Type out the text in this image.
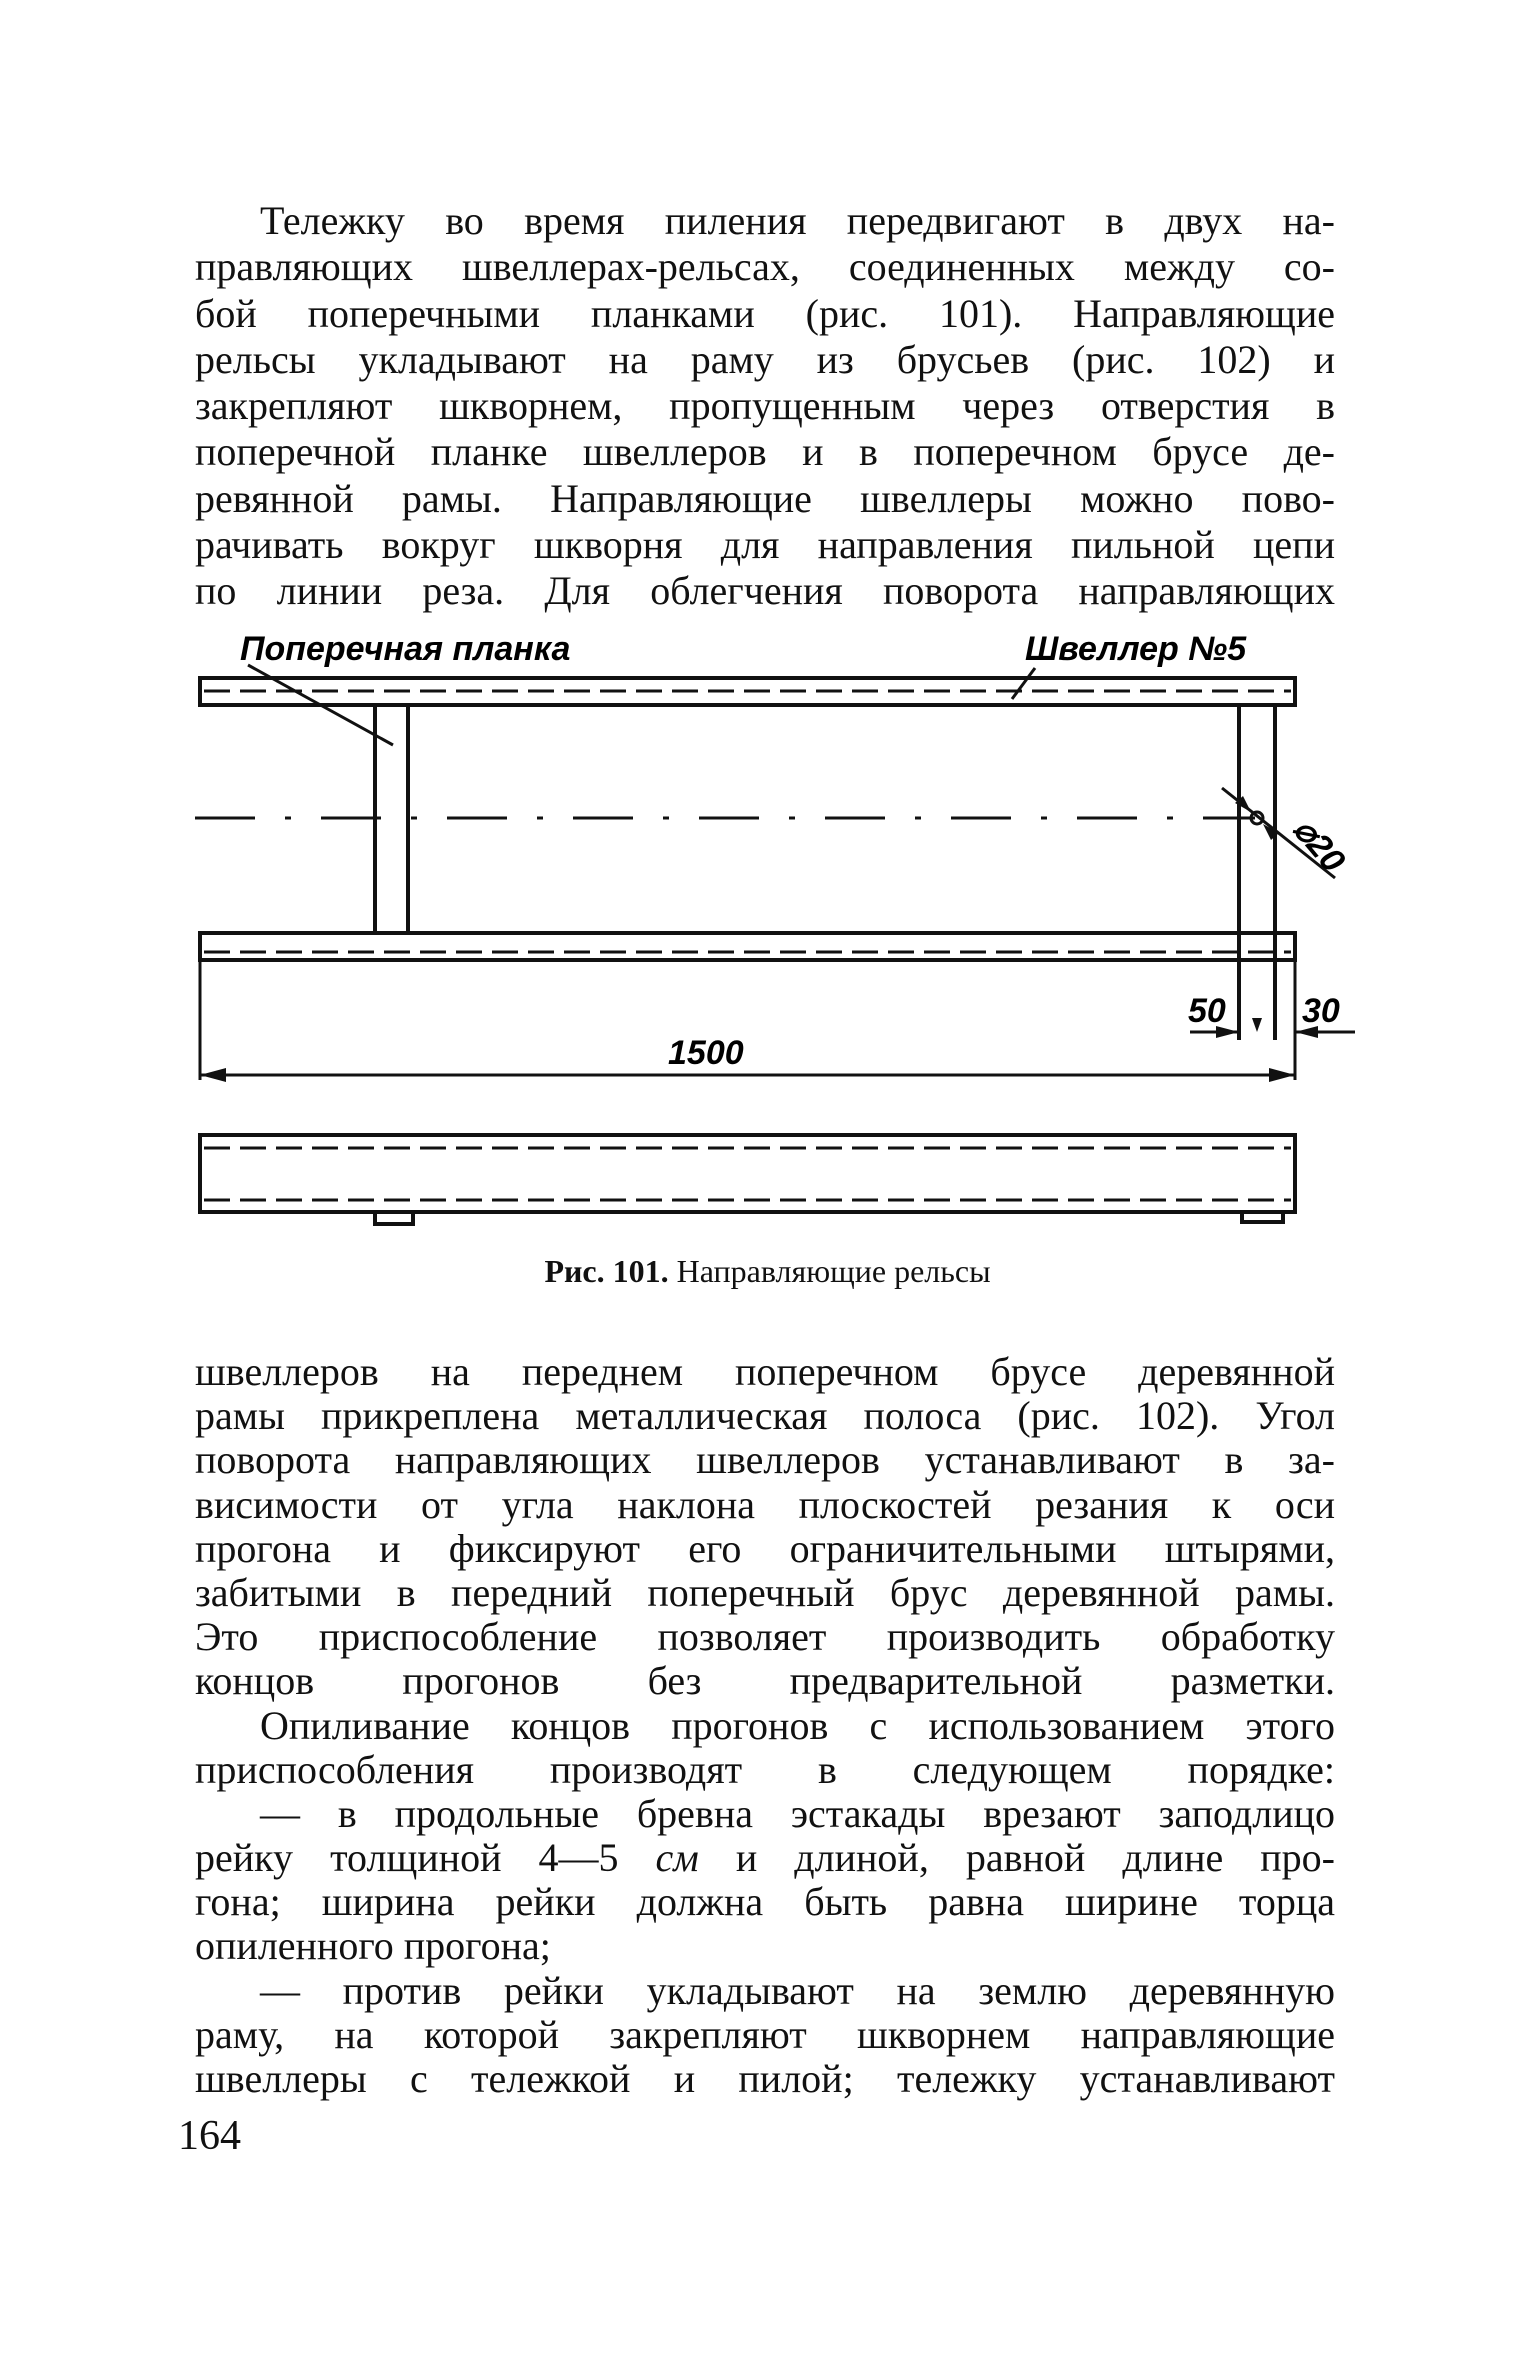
Тележку во время пиления передвигают в двух на-
правляющих швеллерах-рельсах, соединенных между со-
бой поперечными планками (рис. 101). Направляющие
рельсы укладывают на раму из брусьев (рис. 102) и
закрепляют шкворнем, пропущенным через отверстия в
поперечной планке швеллеров и в поперечном брусе де-
ревянной рамы. Направляющие швеллеры можно пово-
рачивать вокруг шкворня для направления пильной цепи
по линии реза. Для облегчения поворота направляющих
Поперечная планка	Швеллер №5
⌀20
50 30
1500
Рис. 101. Направляющие рельсы
швеллеров на переднем поперечном брусе деревянной
рамы прикреплена металлическая полоса (рис. 102). Угол
поворота направляющих швеллеров устанавливают в за-
висимости от угла наклона плоскостей резания к оси
прогона и фиксируют его ограничительными штырями,
забитыми в передний поперечный брус деревянной рамы.
Это приспособление позволяет производить обработку
концов прогонов без предварительной разметки.
Опиливание концов прогонов с использованием этого
приспособления производят в следующем порядке:
— в продольные бревна эстакады врезают заподлицо
рейку толщиной 4—5 см и длиной, равной длине про-
гона; ширина рейки должна быть равна ширине торца
опиленного прогона;
— против рейки укладывают на землю деревянную
раму, на которой закрепляют шкворнем направляющие
швеллеры с тележкой и пилой; тележку устанавливают
164
